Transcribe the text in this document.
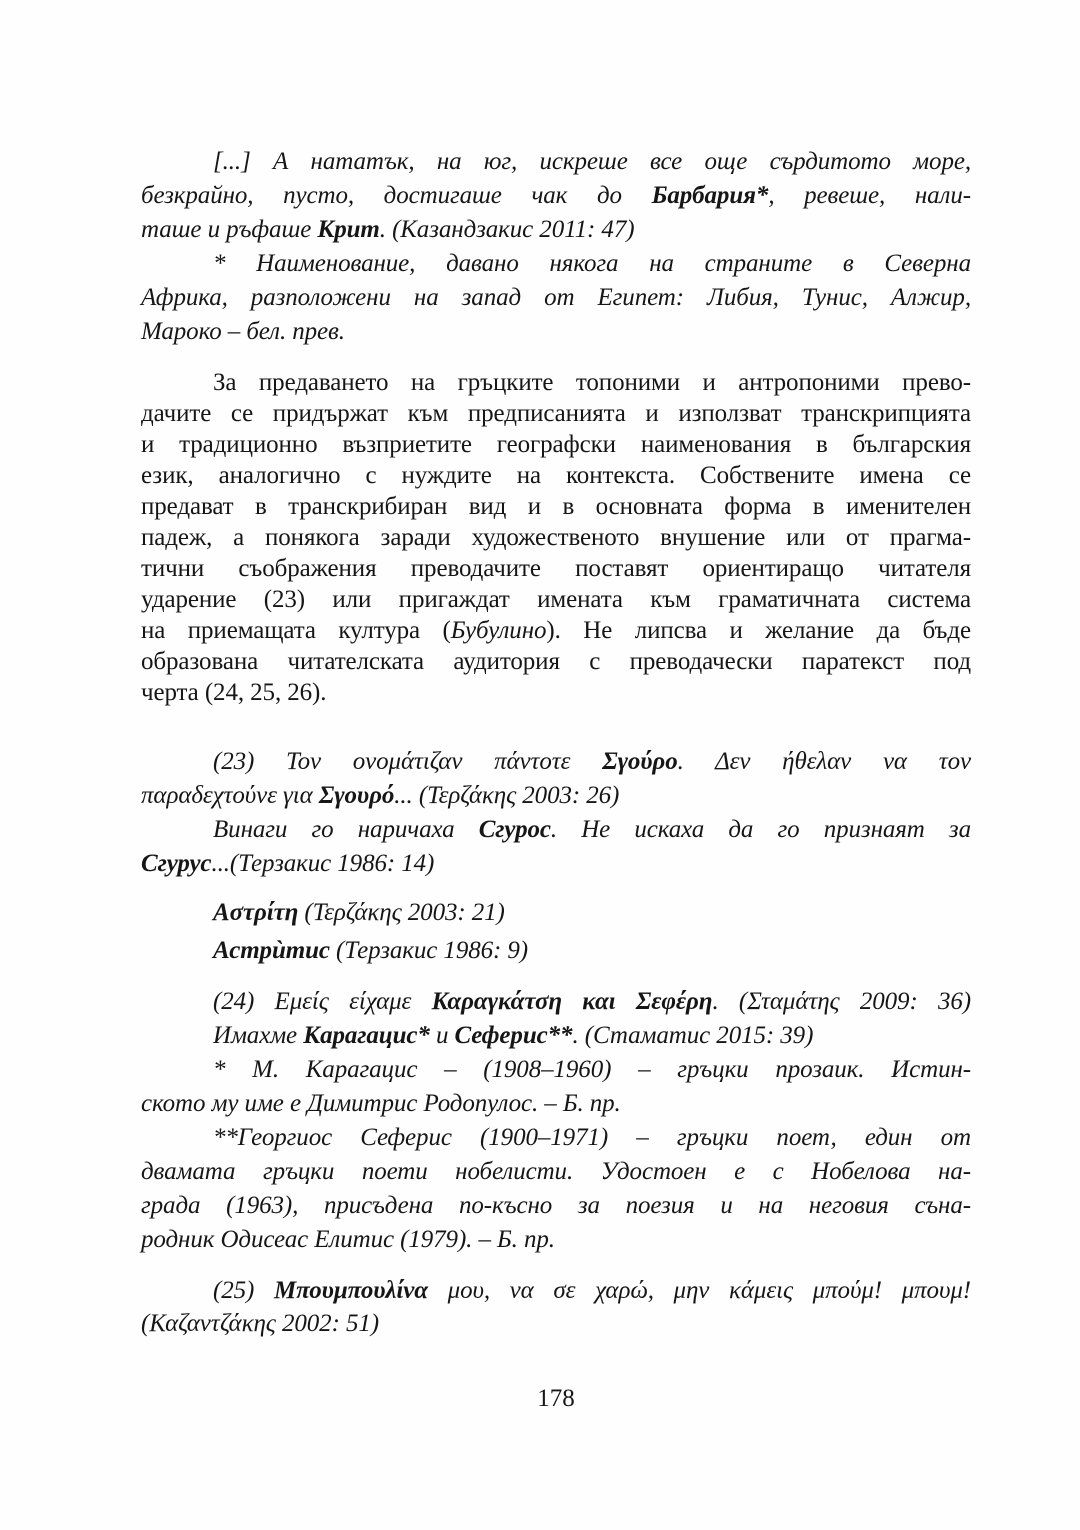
[...] А нататък, на юг, искреше все още сърдитото море,
безкрайно, пусто, достигаше чак до Барбария*, ревеше, нали-
таше и ръфаше Крит. (Казандзакис 2011: 47)
* Наименование, давано някога на страните в Северна
Африка, разположени на запад от Египет: Либия, Тунис, Алжир,
Мароко – бел. прев.
За предаването на гръцките топоними и антропоними прево-
дачите се придържат към предписанията и използват транскрипцията
и традиционно възприетите географски наименования в българския
език, аналогично с нуждите на контекста. Собствените имена се
предават в транскрибиран вид и в основната форма в именителен
падеж, а понякога заради художественото внушение или от прагма-
тични съображения преводачите поставят ориентиращо читателя
ударение (23) или пригаждат имената към граматичната система
на приемащата култура (Бубулино). Не липсва и желание да бъде
образована читателската аудитория с преводачески паратекст под
черта (24, 25, 26).
(23) Τον ονομάτιζαν πάντοτε Σγούρο. Δεν ήθελαν να τον
παραδεχτούνε για Σγουρό... (Τερζάκης 2003: 26)
Винаги го наричаха Сгурос. Не искаха да го признаят за
Сгурус...(Терзакис 1986: 14)
Αστρίτη (Τερζάκης 2003: 21)
Астрѝтис (Терзакис 1986: 9)
(24) Εμείς είχαμε Καραγκάτση και Σεφέρη. (Σταμάτης 2009: 36)
Имахме Карагацис* и Сеферис**. (Стаматис 2015: 39)
* М. Карагацис – (1908–1960) – гръцки прозаик. Истин-
ското му име е Димитрис Родопулос. – Б. пр.
**Георгиос Сеферис (1900–1971) – гръцки поет, един от
двамата гръцки поети нобелисти. Удостоен е с Нобелова на-
града (1963), присъдена по-късно за поезия и на неговия съна-
родник Одисеас Елитис (1979). – Б. пр.
(25) Μπουμπουλίνα μου, να σε χαρώ, μην κάμεις μπούμ! μπουμ!
(Καζαντζάκης 2002: 51)
178
